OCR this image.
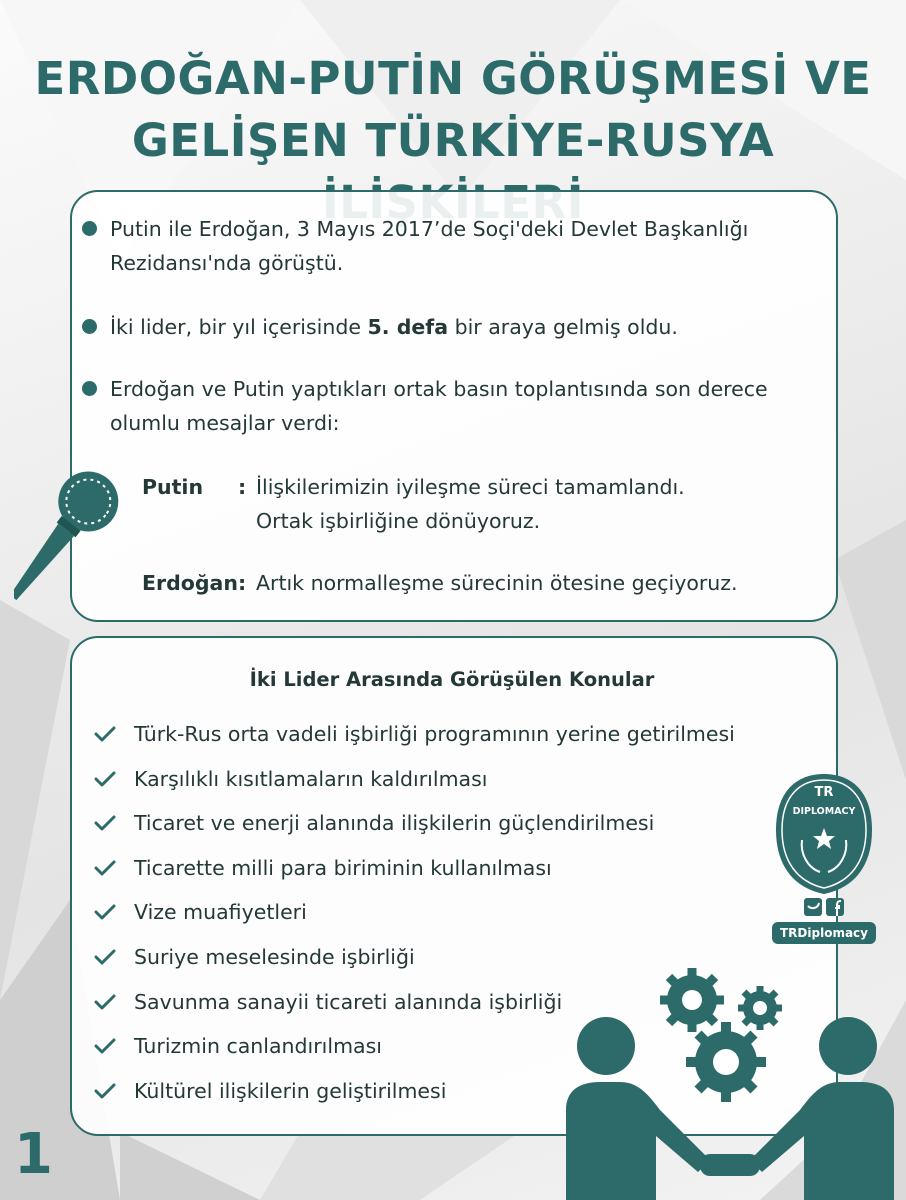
ERDOĞAN-PUTİN GÖRÜŞMESİ VE
GELİŞEN TÜRKİYE-RUSYA
Putin ile Erdoğan, 3 Mayıs 2017’de Soçi'deki Devlet Başkanlığı Rezidansı'nda görüştü.
İki lider, bir yıl içerisinde 5. defa bir araya gelmiş oldu.
Erdoğan ve Putin yaptıkları ortak basın toplantısında son derece olumlu mesajlar verdi:
Putin : İlişkilerimizin iyileşme süreci tamamlandı.
Ortak işbirliğine dönüyoruz.
Erdoğan: Artık normalleşme sürecinin ötesine geçiyoruz.
İki Lider Arasında Görüşülen Konular
Türk-Rus orta vadeli işbirliği programının yerine getirilmesi
Karşılıklı kısıtlamaların kaldırılması
Ticaret ve enerji alanında ilişkilerin güçlendirilmesi
Ticarette milli para biriminin kullanılması
Vize muafiyetleri
Suriye meselesinde işbirliği
Savunma sanayii ticareti alanında işbirliği
Turizmin canlandırılması
Kültürel ilişkilerin geliştirilmesi
TR
DIPLOMACY
TRDiplomacy
1
